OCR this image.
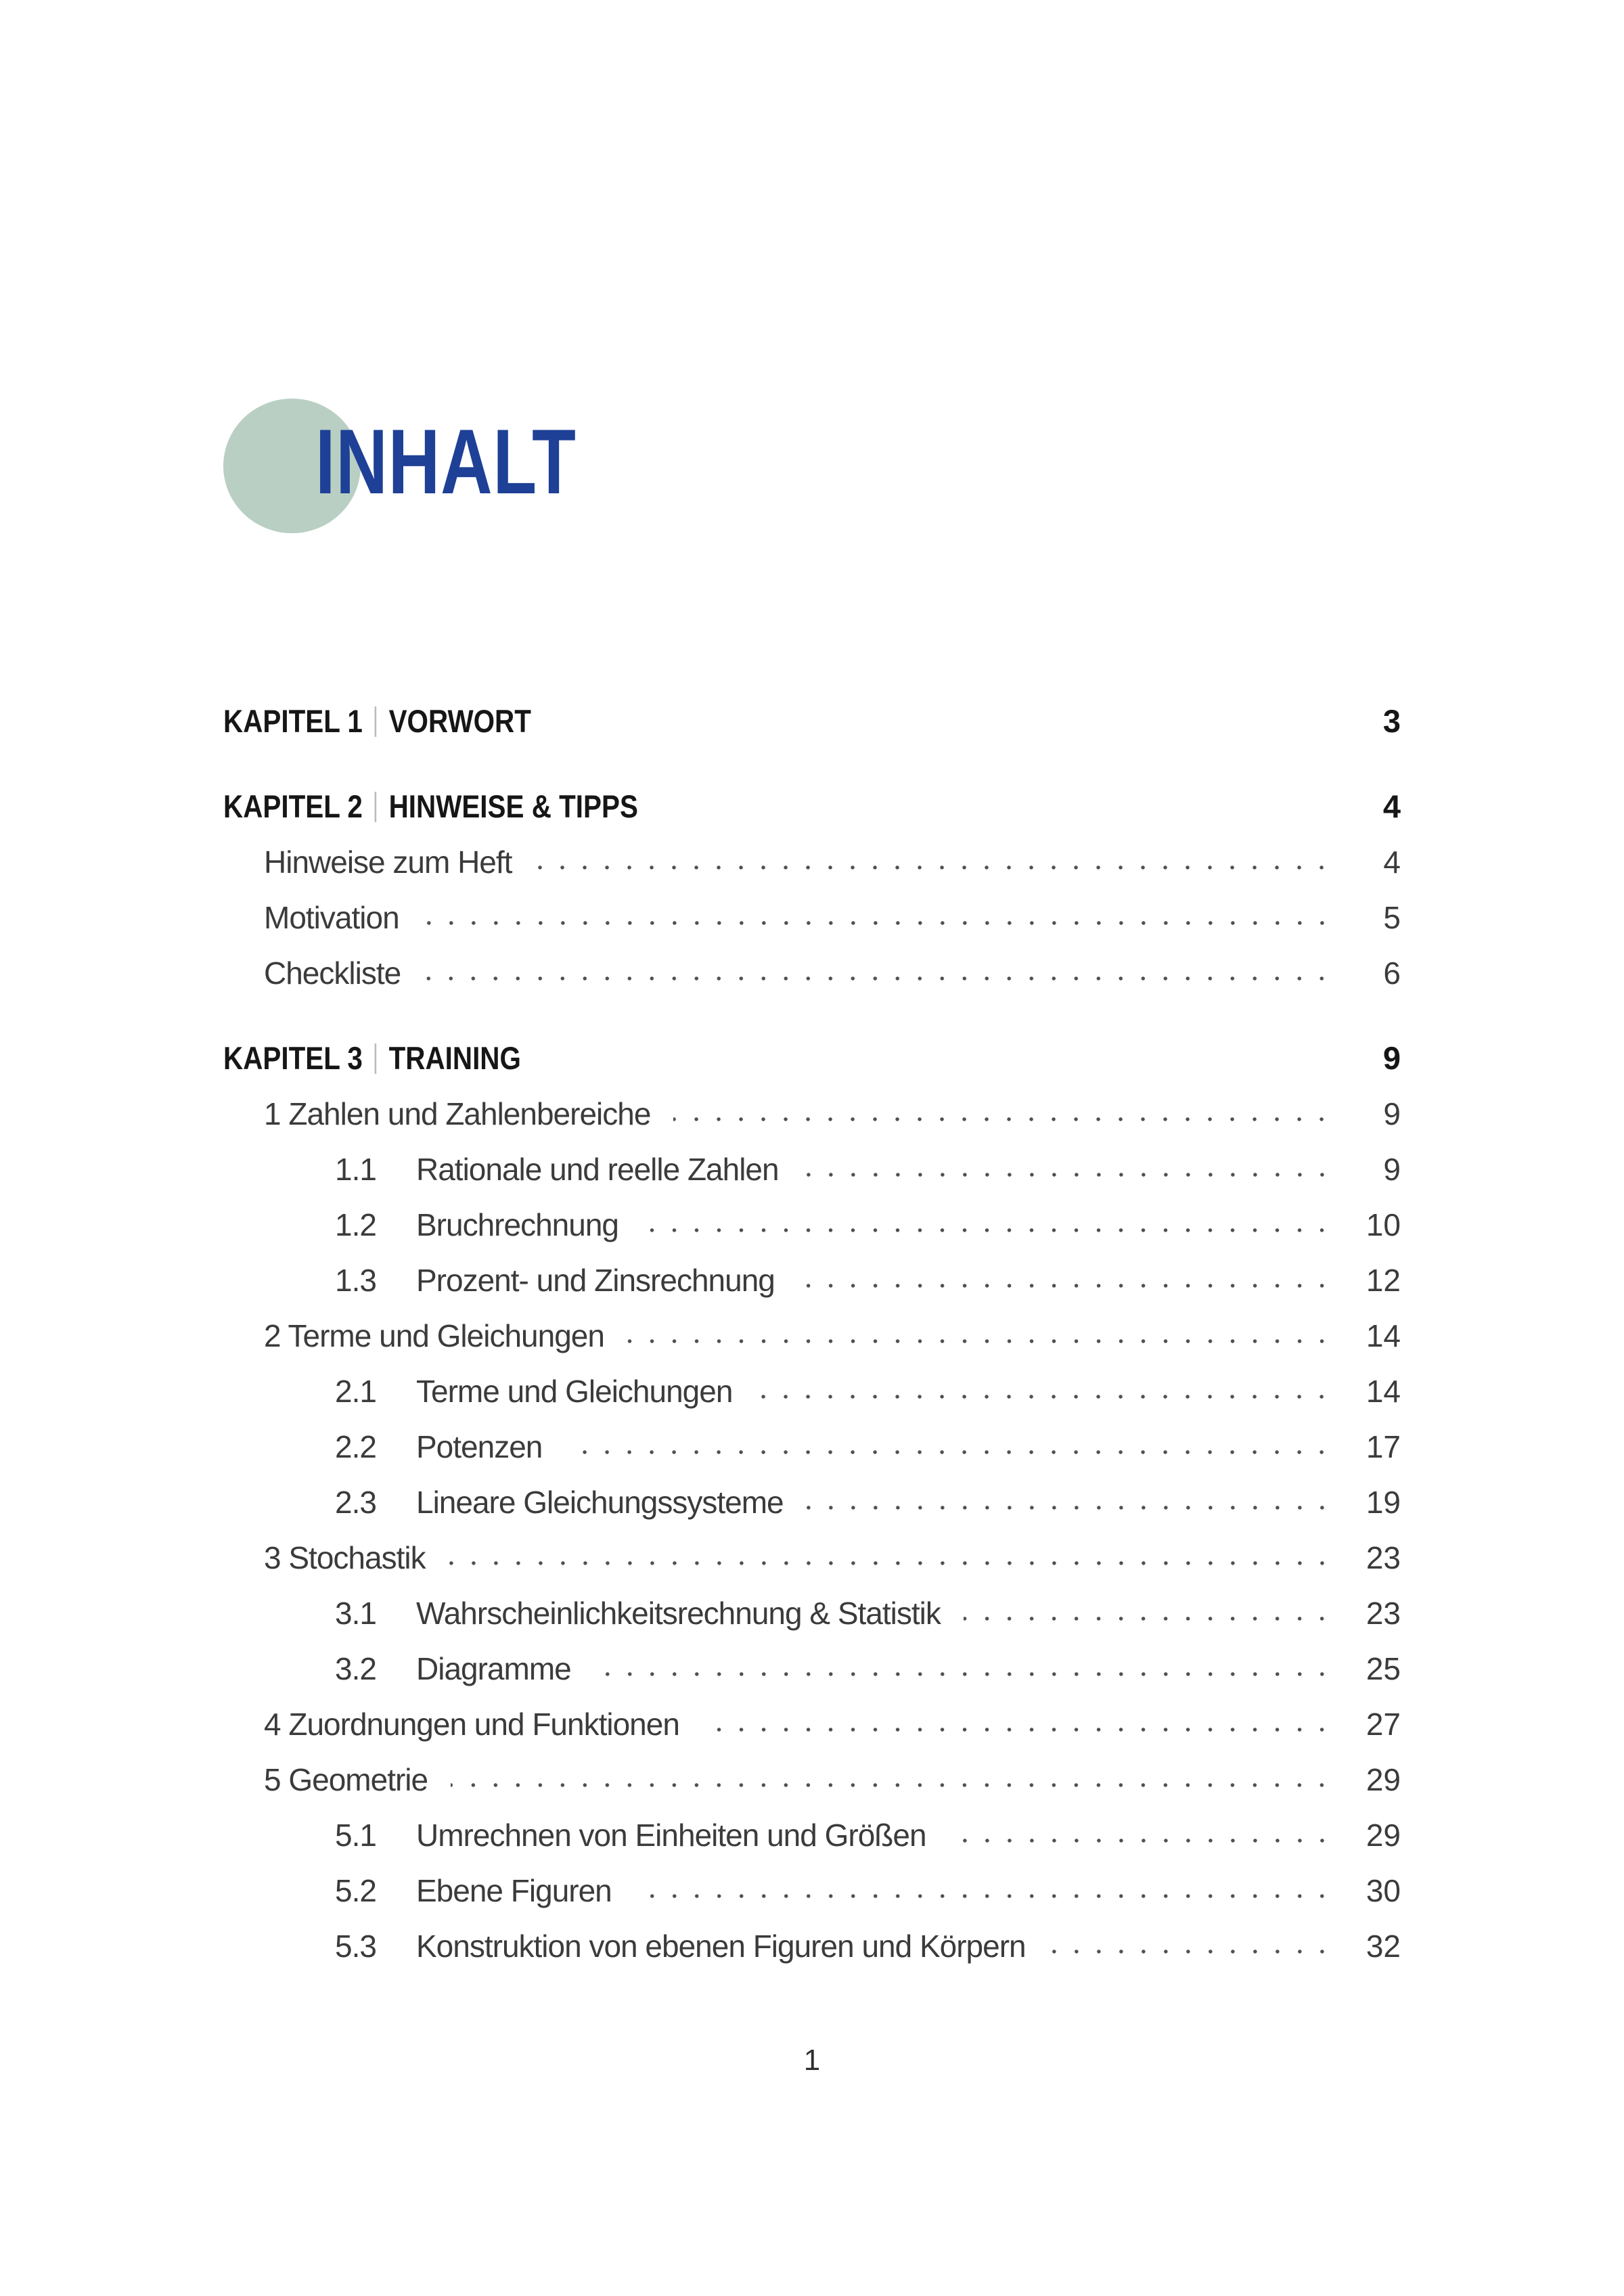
INHALT
KAPITEL 1 VORWORT	3
KAPITEL 2 HINWEISE & TIPPS	4
Hinweise zum Heft	4
Motivation	5
Checkliste	6
KAPITEL 3 TRAINING	9
1 Zahlen und Zahlenbereiche	9
1.1	Rationale und reelle Zahlen	9
1.2	Bruchrechnung	10
1.3	Prozent- und Zinsrechnung	12
2 Terme und Gleichungen	14
2.1	Terme und Gleichungen	14
2.2	Potenzen	17
2.3	Lineare Gleichungssysteme	19
3 Stochastik	23
3.1	Wahrscheinlichkeitsrechnung & Statistik	23
3.2	Diagramme	25
4 Zuordnungen und Funktionen	27
5 Geometrie	29
5.1	Umrechnen von Einheiten und Größen	29
5.2	Ebene Figuren	30
5.3	Konstruktion von ebenen Figuren und Körpern	32
1
